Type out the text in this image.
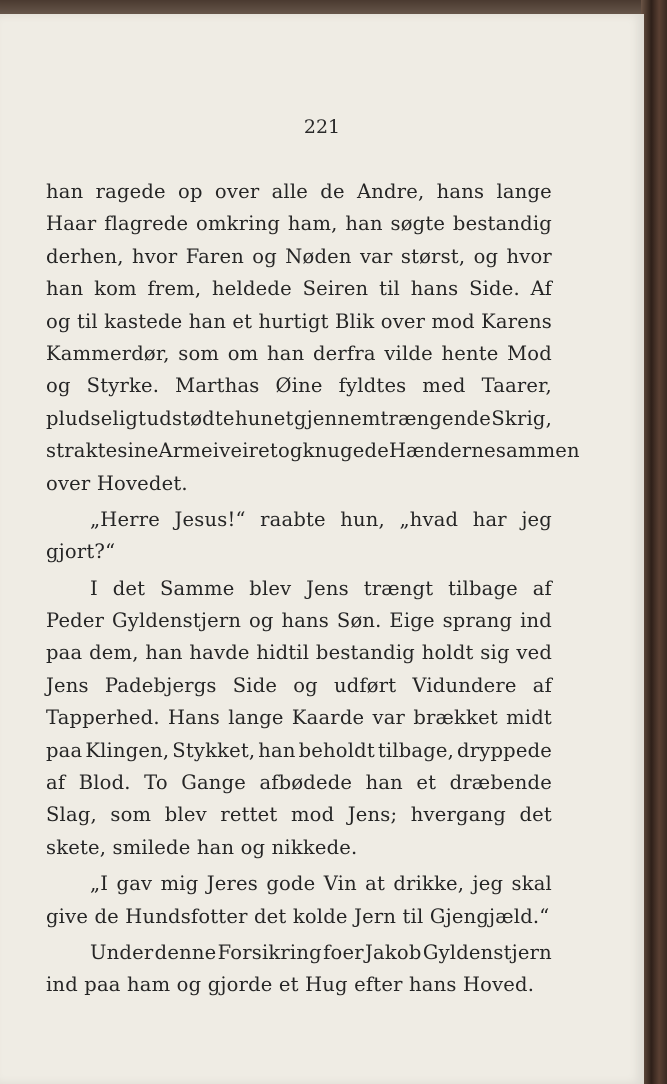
221
han ragede op over alle de Andre, hans lange
Haar flagrede omkring ham, han søgte bestandig
derhen, hvor Faren og Nøden var størst, og hvor
han kom frem, heldede Seiren til hans Side. Af
og til kastede han et hurtigt Blik over mod Karens
Kammerdør, som om han derfra vilde hente Mod
og Styrke. Marthas Øine fyldtes med Taarer,
pludseligt udstødte hun et gjennemtrængende Skrig,
strakte sine Arme iveiret og knugede Hænderne sammen
over Hovedet.
„Herre Jesus!“ raabte hun, „hvad har jeg
gjort?“
I det Samme blev Jens trængt tilbage af
Peder Gyldenstjern og hans Søn. Eige sprang ind
paa dem, han havde hidtil bestandig holdt sig ved
Jens Padebjergs Side og udført Vidundere af
Tapperhed. Hans lange Kaarde var brækket midt
paa Klingen, Stykket, han beholdt tilbage, dryppede
af Blod. To Gange afbødede han et dræbende
Slag, som blev rettet mod Jens; hvergang det
skete, smilede han og nikkede.
„I gav mig Jeres gode Vin at drikke, jeg skal
give de Hundsfotter det kolde Jern til Gjengjæld.“
Under denne Forsikring foer Jakob Gyldenstjern
ind paa ham og gjorde et Hug efter hans Hoved.
